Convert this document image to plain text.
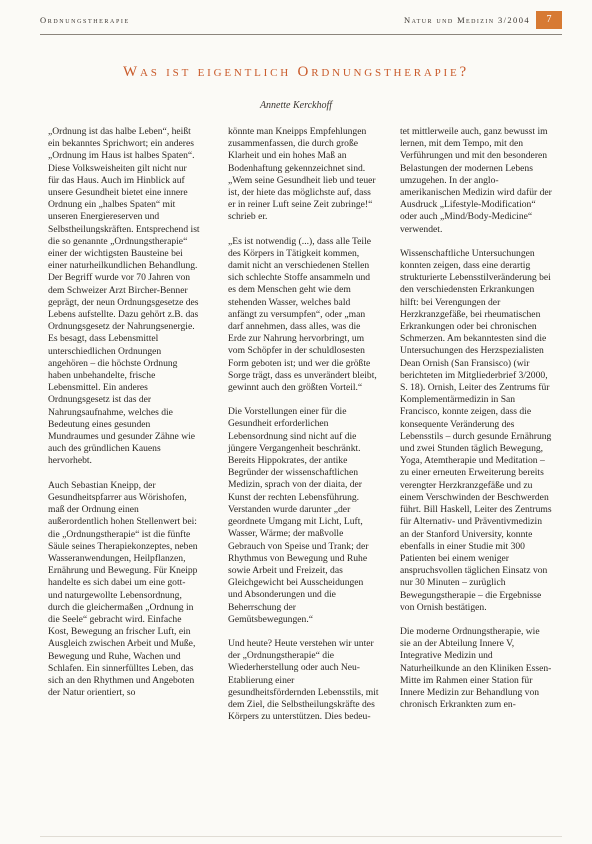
Ordnungstherapie	Natur und Medizin 3/2004	7
Was ist eigentlich Ordnungstherapie?
Annette Kerckhoff

„Ordnung ist das halbe Leben“, heißt ein bekanntes Sprichwort; ein anderes „Ordnung im Haus ist halbes Spaten“. Diese Volksweisheiten gilt nicht nur für das Haus. Auch im Hinblick auf unsere Gesundheit bietet eine innere Ordnung ein „halbes Spaten“ mit unseren Energiereserven und Selbstheilungskräften. Entsprechend ist die so genannte „Ordnungstherapie“ einer der wichtigsten Bausteine bei einer naturheilkundlichen Behandlung. Der Begriff wurde vor 70 Jahren von dem Schweizer Arzt Bircher-Benner geprägt, der neun Ordnungsgesetze des Lebens aufstellte. Dazu gehört z.B. das Ordnungsgesetz der Nahrungsenergie. Es besagt, dass Lebensmittel unterschiedlichen Ordnungen angehören – die höchste Ordnung haben unbehandelte, frische Lebensmittel. Ein anderes Ordnungsgesetz ist das der Nahrungsaufnahme, welches die Bedeutung eines gesunden Mundraumes und gesunder Zähne wie auch des gründlichen Kauens hervorhebt.

Auch Sebastian Kneipp, der Gesundheitspfarrer aus Wörishofen, maß der Ordnung einen außerordentlich hohen Stellenwert bei: die „Ordnungstherapie“ ist die fünfte Säule seines Therapiekonzeptes, neben Wasseranwendungen, Heilpflanzen, Ernährung und Bewegung. Für Kneipp handelte es sich dabei um eine gott- und naturgewollte Lebensordnung, durch die gleichermaßen „Ordnung in die Seele“ gebracht wird. Einfache Kost, Bewegung an frischer Luft, ein Ausgleich zwischen Arbeit und Muße, Bewegung und Ruhe, Wachen und Schlafen. Ein sinnerfülltes Leben, das sich an den Rhythmen und Angeboten der Natur orientiert, so

könnte man Kneipps Empfehlungen zusammenfassen, die durch große Klarheit und ein hohes Maß an Bodenhaftung gekennzeichnet sind. „Wem seine Gesundheit lieb und teuer ist, der hiete das möglichste auf, dass er in reiner Luft seine Zeit zubringe!“ schrieb er.

„Es ist notwendig (...), dass alle Teile des Körpers in Tätigkeit kommen, damit nicht an verschiedenen Stellen sich schlechte Stoffe ansammeln und es dem Menschen geht wie dem stehenden Wasser, welches bald anfängt zu versumpfen“, oder „man darf annehmen, dass alles, was die Erde zur Nahrung hervorbringt, um vom Schöpfer in der schuldlosesten Form geboten ist; und wer die größte Sorge trägt, dass es unverändert bleibt, gewinnt auch den größten Vorteil.“

Die Vorstellungen einer für die Gesundheit erforderlichen Lebensordnung sind nicht auf die jüngere Vergangenheit beschränkt. Bereits Hippokrates, der antike Begründer der wissenschaftlichen Medizin, sprach von der diaita, der Kunst der rechten Lebensführung. Verstanden wurde darunter „der geordnete Umgang mit Licht, Luft, Wasser, Wärme; der maßvolle Gebrauch von Speise und Trank; der Rhythmus von Bewegung und Ruhe sowie Arbeit und Freizeit, das Gleichgewicht bei Ausscheidungen und Absonderungen und die Beherrschung der Gemütsbewegungen.“

Und heute? Heute verstehen wir unter der „Ordnungstherapie“ die Wiederherstellung oder auch Neu-Etablierung einer gesundheitsfördernden Lebensstils, mit dem Ziel, die Selbstheilungskräfte des Körpers zu unterstützen. Dies bedeu-

tet mittlerweile auch, ganz bewusst im lernen, mit dem Tempo, mit den Verführungen und mit den besonderen Belastungen der modernen Lebens umzugehen. In der anglo-amerikanischen Medizin wird dafür der Ausdruck „Lifestyle-Modification“ oder auch „Mind/Body-Medicine“ verwendet.

Wissenschaftliche Untersuchungen konnten zeigen, dass eine derartig strukturierte Lebensstilveränderung bei den verschiedensten Erkrankungen hilft: bei Verengungen der Herzkranzgefäße, bei rheumatischen Erkrankungen oder bei chronischen Schmerzen. Am bekanntesten sind die Untersuchungen des Herzspezialisten Dean Ornish (San Fransisco) (wir berichteten im Mitgliederbrief 3/2000, S. 18). Ornish, Leiter des Zentrums für Komplementärmedizin in San Francisco, konnte zeigen, dass die konsequente Veränderung des Lebensstils – durch gesunde Ernährung und zwei Stunden täglich Bewegung, Yoga, Atemtherapie und Meditation – zu einer erneuten Erweiterung bereits verengter Herzkranzgefäße und zu einem Verschwinden der Beschwerden führt. Bill Haskell, Leiter des Zentrums für Alternativ- und Präventivmedizin an der Stanford University, konnte ebenfalls in einer Studie mit 300 Patienten bei einem weniger anspruchsvollen täglichen Einsatz von nur 30 Minuten – zurüglich Bewegungstherapie – die Ergebnisse von Ornish bestätigen.

Die moderne Ordnungstherapie, wie sie an der Abteilung Innere V, Integrative Medizin und Naturheilkunde an den Kliniken Essen-Mitte im Rahmen einer Station für Innere Medizin zur Behandlung von chronisch Erkrankten zum en-
